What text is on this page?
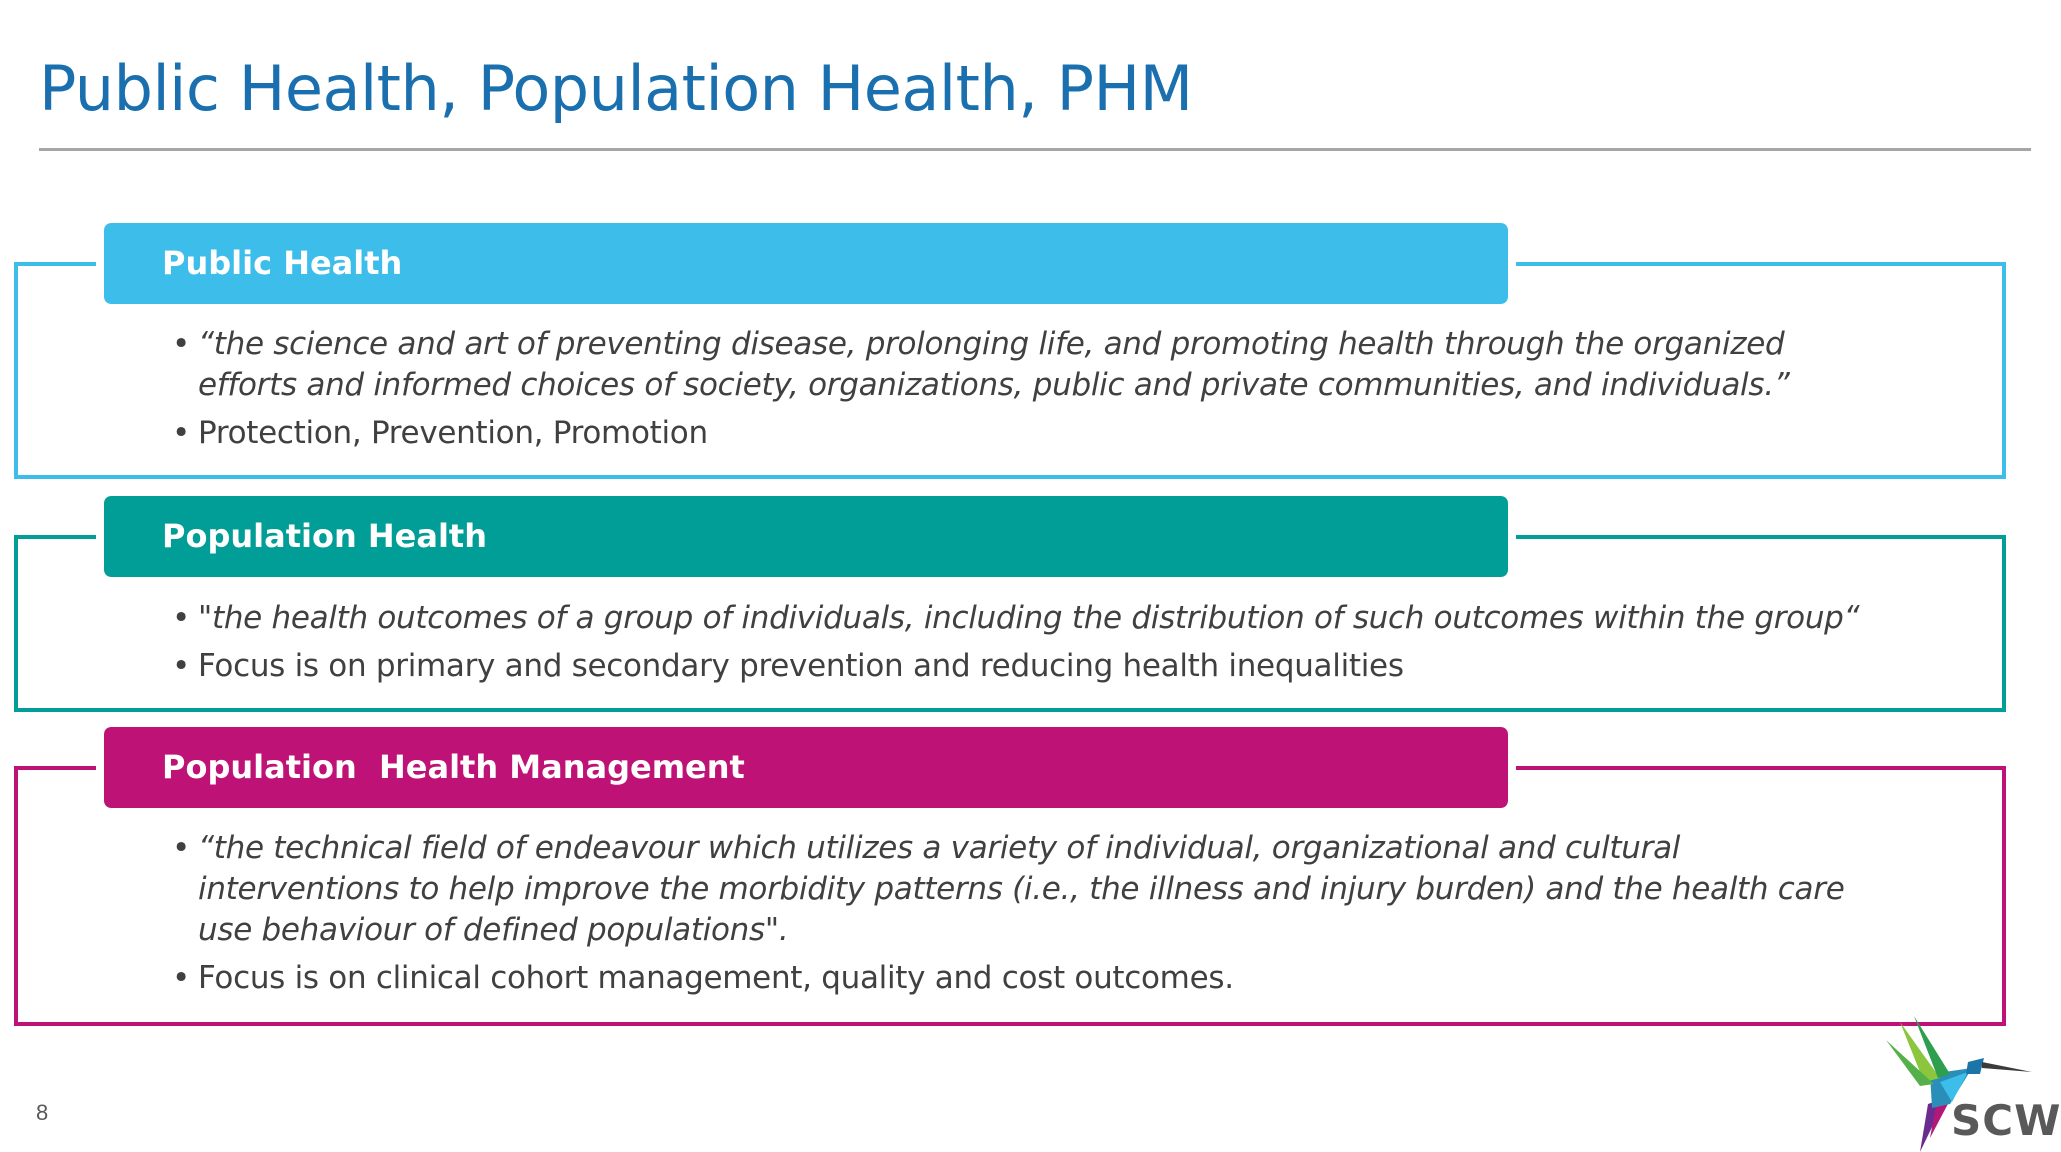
Public Health, Population Health, PHM
Public Health
• “the science and art of preventing disease, prolonging life, and promoting health through the organized efforts and informed choices of society, organizations, public and private communities, and individuals.”
• Protection, Prevention, Promotion
Population Health
• "the health outcomes of a group of individuals, including the distribution of such outcomes within the group“
• Focus is on primary and secondary prevention and reducing health inequalities
Population  Health Management
• “the technical field of endeavour which utilizes a variety of individual, organizational and cultural interventions to help improve the morbidity patterns (i.e., the illness and injury burden) and the health care use behaviour of defined populations".
• Focus is on clinical cohort management, quality and cost outcomes.
8	SCW
